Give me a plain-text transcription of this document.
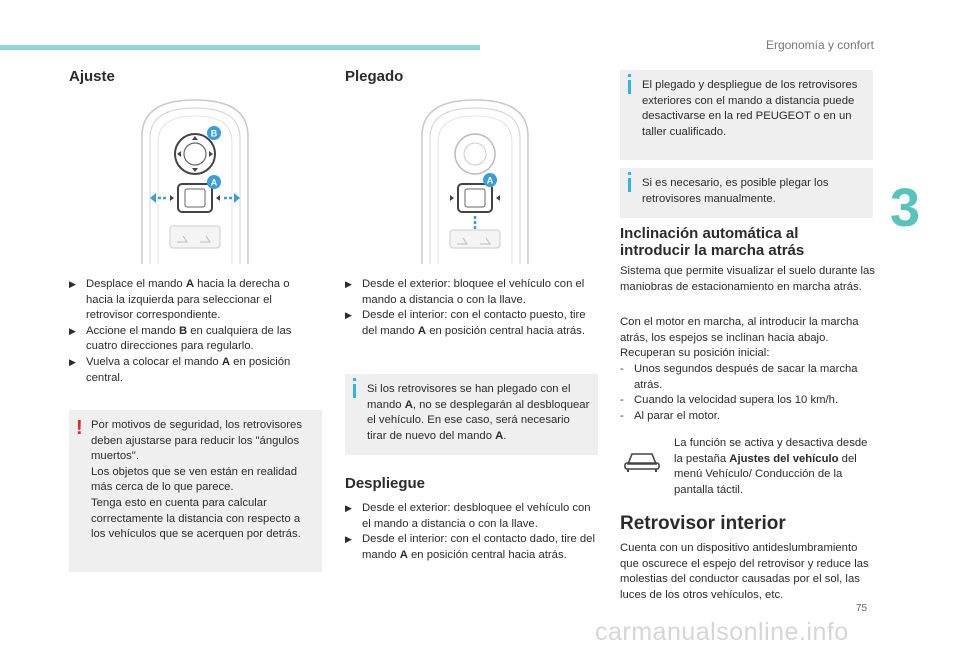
Ergonomía y confort
3
Ajuste
B
A
▶ Desplace el mando A hacia la derecha o hacia la izquierda para seleccionar el retrovisor correspondiente.
▶ Accione el mando B en cualquiera de las cuatro direcciones para regularlo.
▶ Vuelva a colocar el mando A en posición central.
! Por motivos de seguridad, los retrovisores deben ajustarse para reducir los "ángulos muertos".
Los objetos que se ven están en realidad más cerca de lo que parece.
Tenga esto en cuenta para calcular correctamente la distancia con respecto a los vehículos que se acerquen por detrás.
Plegado
A
▶ Desde el exterior: bloquee el vehículo con el mando a distancia o con la llave.
▶ Desde el interior: con el contacto puesto, tire del mando A en posición central hacia atrás.
Si los retrovisores se han plegado con el mando A, no se desplegarán al desbloquear el vehículo. En ese caso, será necesario tirar de nuevo del mando A.
Despliegue
▶ Desde el exterior: desbloquee el vehículo con el mando a distancia o con la llave.
▶ Desde el interior: con el contacto dado, tire del mando A en posición central hacia atrás.
El plegado y despliegue de los retrovisores exteriores con el mando a distancia puede desactivarse en la red PEUGEOT o en un taller cualificado.
Si es necesario, es posible plegar los retrovisores manualmente.
Inclinación automática al introducir la marcha atrás
Sistema que permite visualizar el suelo durante las maniobras de estacionamiento en marcha atrás.
Con el motor en marcha, al introducir la marcha atrás, los espejos se inclinan hacia abajo. Recuperan su posición inicial:
- Unos segundos después de sacar la marcha atrás.
- Cuando la velocidad supera los 10 km/h.
- Al parar el motor.
La función se activa y desactiva desde la pestaña Ajustes del vehículo del menú Vehículo/ Conducción de la pantalla táctil.
Retrovisor interior
Cuenta con un dispositivo antideslumbramiento que oscurece el espejo del retrovisor y reduce las molestias del conductor causadas por el sol, las luces de los otros vehículos, etc.
75
carmanualsonline.info
